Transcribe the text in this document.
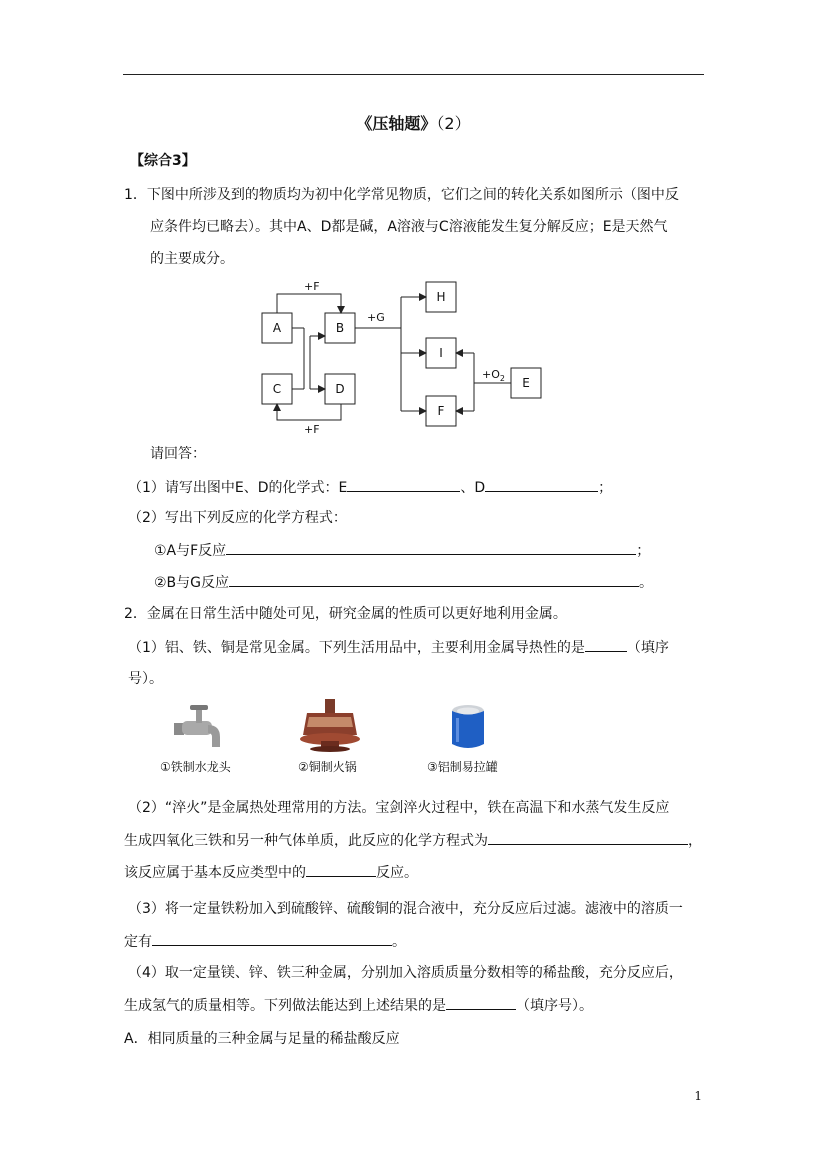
《压轴题》（2）
【综合3】
1．下图中所涉及到的物质均为初中化学常见物质，它们之间的转化关系如图所示（图中反
应条件均已略去）。其中A、D都是碱，A溶液与C溶液能发生复分解反应；E是天然气
的主要成分。
A	B
C	D
H
I
F
E
+F
+F
+G
$+O_2$
请回答：
（1）请写出图中E、D的化学式：E	、D	；
（2）写出下列反应的化学方程式：
①A与F反应	；
②B与G反应	。
2．金属在日常生活中随处可见，研究金属的性质可以更好地利用金属。
（1）铝、铁、铜是常见金属。下列生活用品中，主要利用金属导热性的是	（填序
号）。
①铁制水龙头	②铜制火锅	③铝制易拉罐
（2）“淬火”是金属热处理常用的方法。宝剑淬火过程中，铁在高温下和水蒸气发生反应
生成四氧化三铁和另一种气体单质，此反应的化学方程式为	，
该反应属于基本反应类型中的	反应。
（3）将一定量铁粉加入到硫酸锌、硫酸铜的混合液中，充分反应后过滤。滤液中的溶质一
定有	。
（4）取一定量镁、锌、铁三种金属，分别加入溶质质量分数相等的稀盐酸，充分反应后，
生成氢气的质量相等。下列做法能达到上述结果的是	（填序号）。
A．相同质量的三种金属与足量的稀盐酸反应
1
